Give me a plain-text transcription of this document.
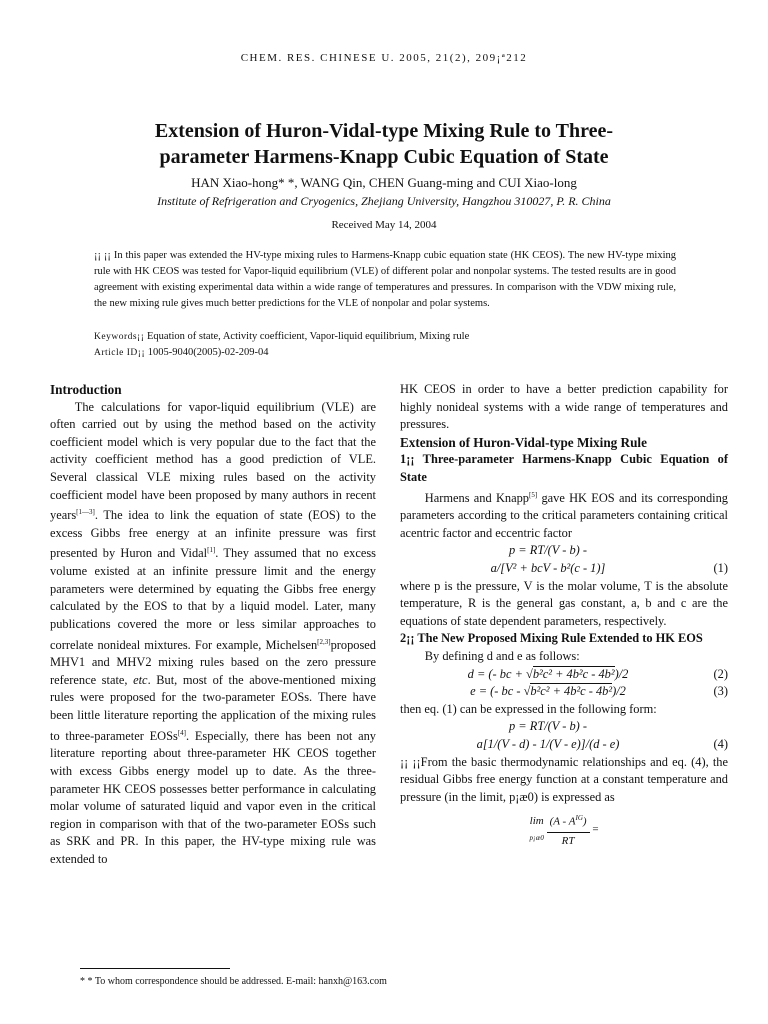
CHEM. RES. CHINESE U. 2005, 21(2), 209¡ª212
Extension of Huron-Vidal-type Mixing Rule to Three-
parameter Harmens-Knapp Cubic Equation of State
HAN Xiao-hong* *, WANG Qin, CHEN Guang-ming and CUI Xiao-long
Institute of Refrigeration and Cryogenics, Zhejiang University, Hangzhou 310027, P. R. China
Received May 14, 2004
¡¡ ¡¡ In this paper was extended the HV-type mixing rules to Harmens-Knapp cubic equation state (HK CEOS). The new HV-type mixing rule with HK CEOS was tested for Vapor-liquid equilibrium (VLE) of different polar and nonpolar systems. The tested results are in good agreement with existing experimental data within a wide range of temperatures and pressures. In comparison with the VDW mixing rule, the new mixing rule gives much better predictions for the VLE of nonpolar and polar systems.
Keywords¡¡ Equation of state, Activity coefficient, Vapor-liquid equilibrium, Mixing rule
Article ID¡¡ 1005-9040(2005)-02-209-04

Introduction

The calculations for vapor-liquid equilibrium (VLE) are often carried out by using the method based on the activity coefficient model which is very popular due to the fact that the activity coefficient method has a good prediction of VLE. Several classical VLE mixing rules based on the activity coefficient model have been proposed by many authors in recent years[1—3]. The idea to link the equation of state (EOS) to the excess Gibbs free energy at an infinite pressure was first presented by Huron and Vidal[1]. They assumed that no excess volume existed at an infinite pressure limit and the energy parameters were determined by equating the Gibbs free energy calculated by the EOS to that by a liquid model. Later, many publications covered the more or less similar approaches to correlate nonideal mixtures. For example, Michelsen[2,3]proposed MHV1 and MHV2 mixing rules based on the zero pressure reference state, etc. But, most of the above-mentioned mixing rules were proposed for the two-parameter EOSs. There have been little literature reporting the application of the mixing rules to three-parameter EOSs[4]. Especially, there has been not any literature reporting about three-parameter HK CEOS together with excess Gibbs energy model up to date. As the three-parameter HK CEOS possesses better performance in calculating molar volume of saturated liquid and vapor even in the critical region in comparison with that of the two-parameter EOSs such as SRK and PR. In this paper, the HV-type mixing rule was extended to

HK CEOS in order to have a better prediction capability for highly nonideal systems with a wide range of temperatures and pressures.

Extension of Huron-Vidal-type Mixing Rule

1¡¡ Three-parameter Harmens-Knapp Cubic Equation of State

Harmens and Knapp[5] gave HK EOS and its corresponding parameters according to the critical parameters containing critical acentric factor and eccentric factor

p = RT/(V - b) -
a/[V² + bcV - b²(c - 1)]	(1)

where p is the pressure, V is the molar volume, T is the absolute temperature, R is the general gas constant, a, b and c are the equations of state dependent parameters, respectively.

2¡¡ The New Proposed Mixing Rule Extended to HK EOS

By defining d and e as follows:

d = (- bc + √b²c² + 4b²c - 4b²)/2	(2)
e = (- bc - √b²c² + 4b²c - 4b²)/2	(3)

then eq. (1) can be expressed in the following form:

p = RT/(V - b) -
a[1/(V - d) - 1/(V - e)]/(d - e)	(4)

¡¡ ¡¡From the basic thermodynamic relationships and eq. (4), the residual Gibbs free energy function at a constant temperature and pressure (in the limit, p¡æ0) is expressed as

lim
p¡æ0
$\frac{(A - A^{IG})}{RT}$ =
* * To whom correspondence should be addressed. E-mail: hanxh@163.com
